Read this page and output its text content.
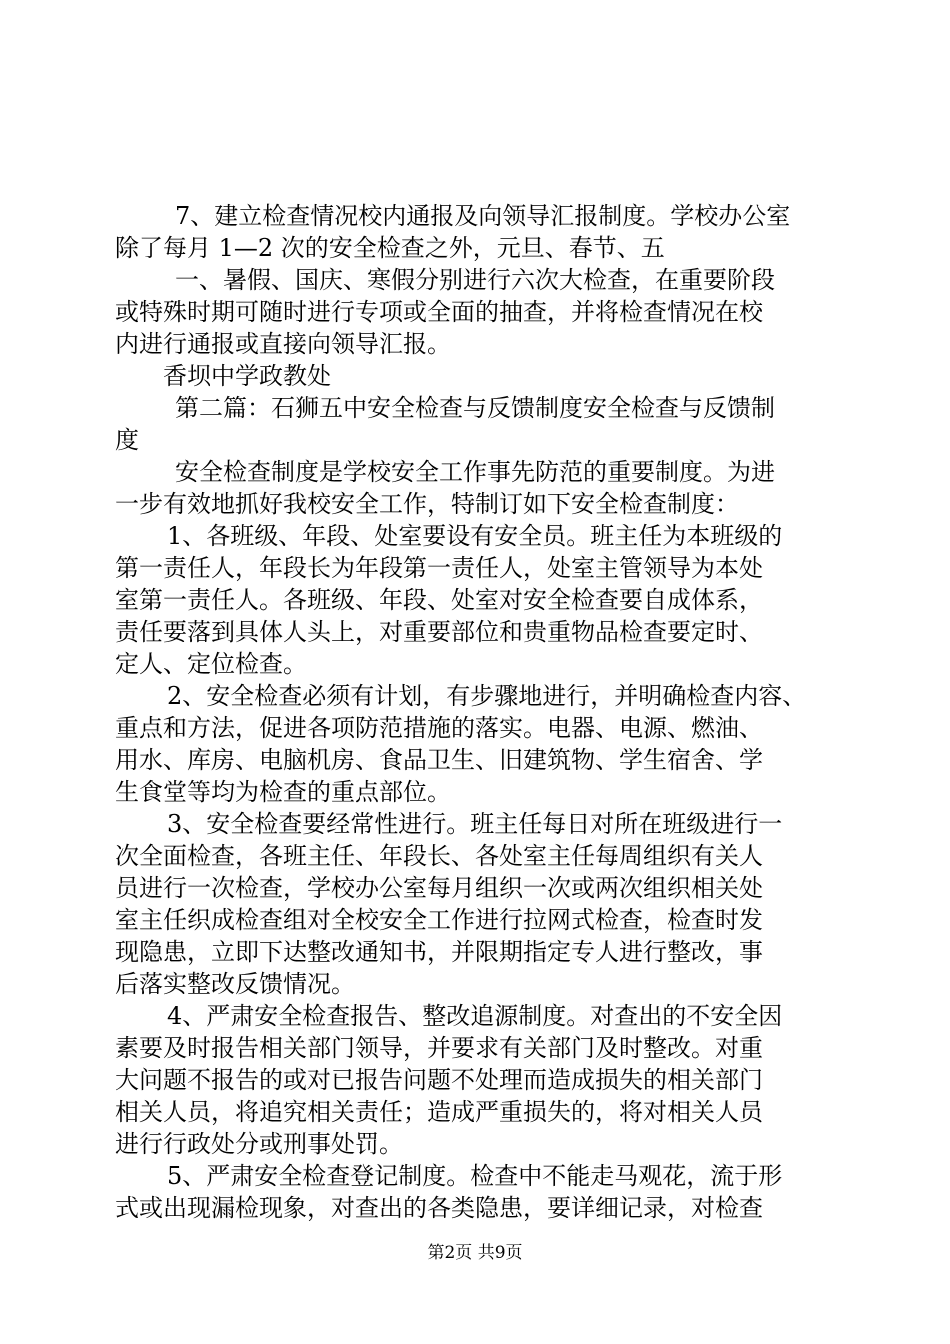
7、建立检查情况校内通报及向领导汇报制度。学校办公室
除了每月 1—2 次的安全检查之外，元旦、春节、五
一、暑假、国庆、寒假分别进行六次大检查，在重要阶段
或特殊时期可随时进行专项或全面的抽查，并将检查情况在校
内进行通报或直接向领导汇报。
香坝中学政教处
第二篇：石狮五中安全检查与反馈制度安全检查与反馈制
度
安全检查制度是学校安全工作事先防范的重要制度。为进
一步有效地抓好我校安全工作，特制订如下安全检查制度：
1、各班级、年段、处室要设有安全员。班主任为本班级的
第一责任人，年段长为年段第一责任人，处室主管领导为本处
室第一责任人。各班级、年段、处室对安全检查要自成体系，
责任要落到具体人头上，对重要部位和贵重物品检查要定时、
定人、定位检查。
2、安全检查必须有计划，有步骤地进行，并明确检查内容、
重点和方法，促进各项防范措施的落实。电器、电源、燃油、
用水、库房、电脑机房、食品卫生、旧建筑物、学生宿舍、学
生食堂等均为检查的重点部位。
3、安全检查要经常性进行。班主任每日对所在班级进行一
次全面检查，各班主任、年段长、各处室主任每周组织有关人
员进行一次检查，学校办公室每月组织一次或两次组织相关处
室主任织成检查组对全校安全工作进行拉网式检查，检查时发
现隐患，立即下达整改通知书，并限期指定专人进行整改，事
后落实整改反馈情况。
4、严肃安全检查报告、整改追源制度。对查出的不安全因
素要及时报告相关部门领导，并要求有关部门及时整改。对重
大问题不报告的或对已报告问题不处理而造成损失的相关部门
相关人员，将追究相关责任；造成严重损失的，将对相关人员
进行行政处分或刑事处罚。
5、严肃安全检查登记制度。检查中不能走马观花，流于形
式或出现漏检现象，对查出的各类隐患，要详细记录，对检查
第2页 共9页
